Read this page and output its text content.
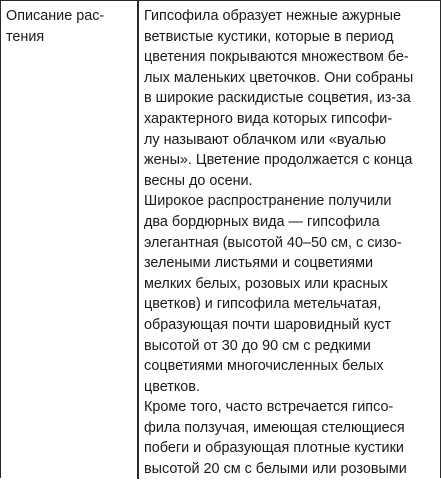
Описание рас-
тения
Гипсофила образует нежные ажурные
ветвистые кустики, которые в период
цветения покрываются множеством бе-
лых маленьких цветочков. Они собраны
в широкие раскидистые соцветия, из-за
характерного вида которых гипсофи-
лу называют облачком или «вуалью
жены». Цветение продолжается с конца
весны до осени.
Широкое распространение получили
два бордюрных вида — гипсофила
элегантная (высотой 40–50 см, с сизо-
зелеными листьями и соцветиями
мелких белых, розовых или красных
цветков) и гипсофила метельчатая,
образующая почти шаровидный куст
высотой от 30 до 90 см с редкими
соцветиями многочисленных белых
цветков.
Кроме того, часто встречается гипсо-
фила ползучая, имеющая стелющиеся
побеги и образующая плотные кустики
высотой 20 см с белыми или розовыми
